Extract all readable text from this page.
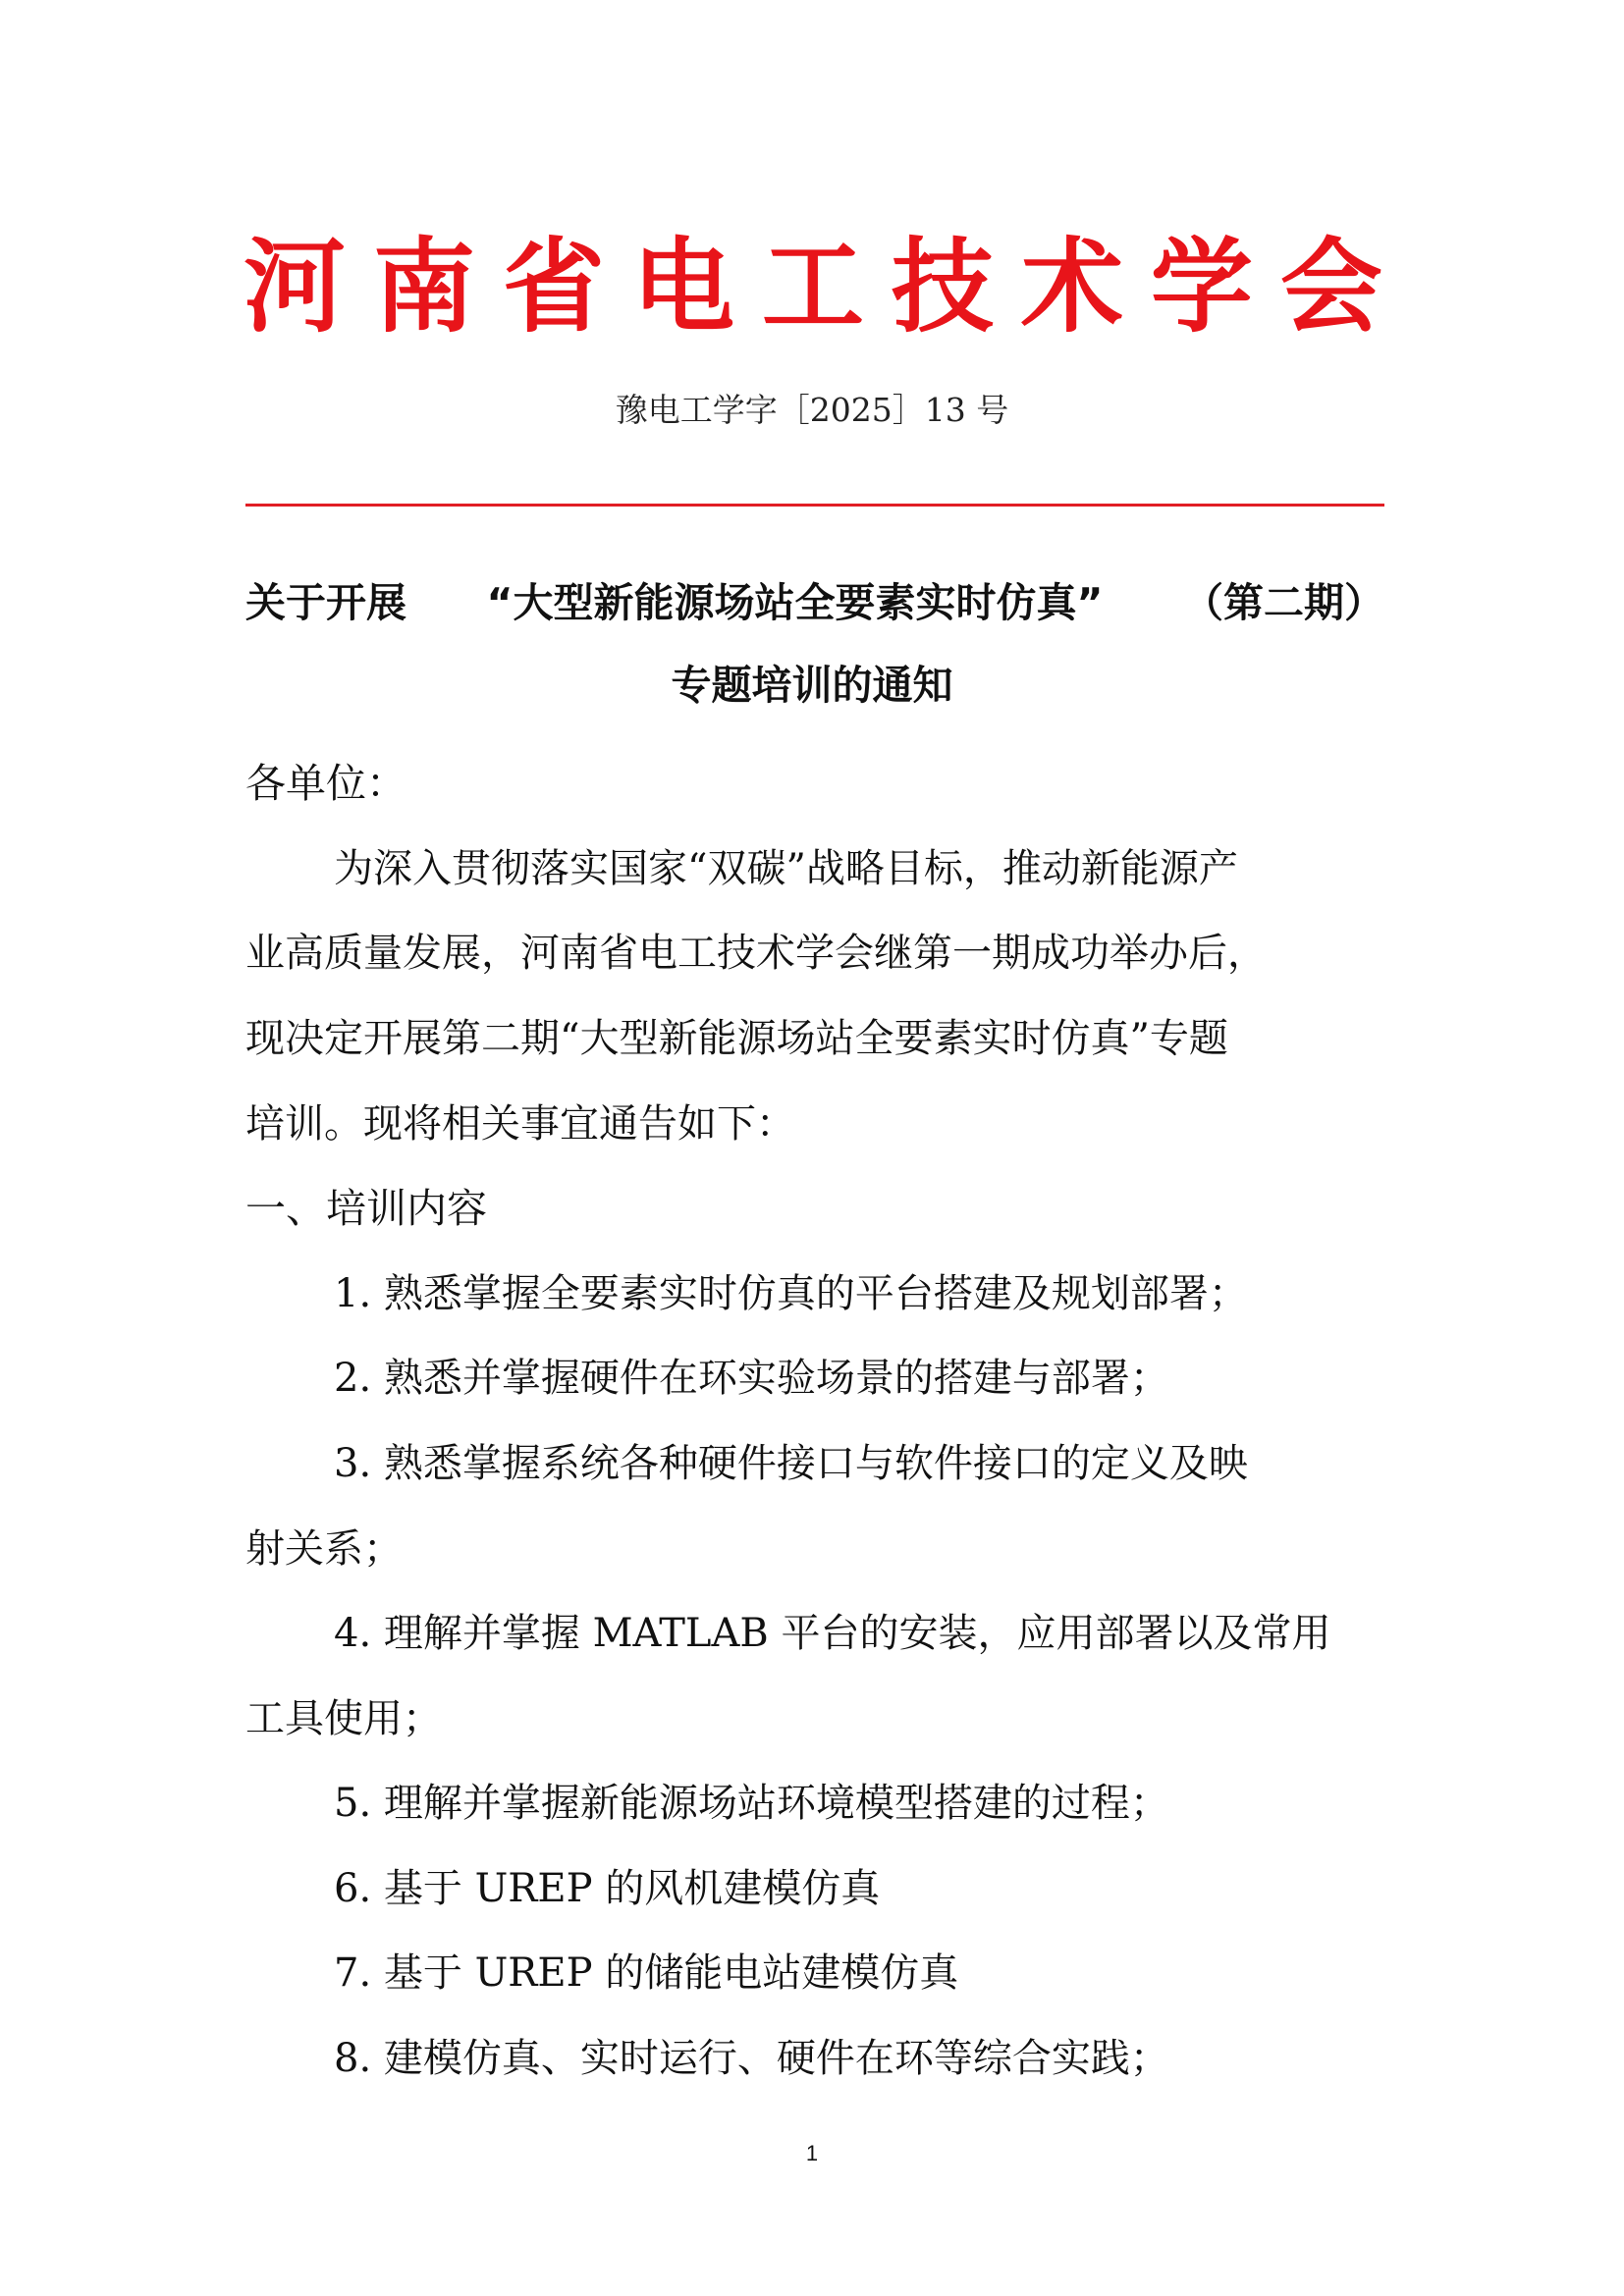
河 南 省 电 工 技 术 学 会
豫电工学字［2025］13 号
关于开展 “大型新能源场站全要素实时仿真” （第二期）
专题培训的通知
各单位：
为深入贯彻落实国家“双碳”战略目标，推动新能源产
业高质量发展，河南省电工技术学会继第一期成功举办后，
现决定开展第二期“大型新能源场站全要素实时仿真”专题
培训。现将相关事宜通告如下：
一、培训内容
1. 熟悉掌握全要素实时仿真的平台搭建及规划部署；
2. 熟悉并掌握硬件在环实验场景的搭建与部署；
3. 熟悉掌握系统各种硬件接口与软件接口的定义及映
射关系；
4. 理解并掌握 MATLAB 平台的安装，应用部署以及常用
工具使用；
5. 理解并掌握新能源场站环境模型搭建的过程；
6. 基于 UREP 的风机建模仿真
7. 基于 UREP 的储能电站建模仿真
8. 建模仿真、实时运行、硬件在环等综合实践；
1
